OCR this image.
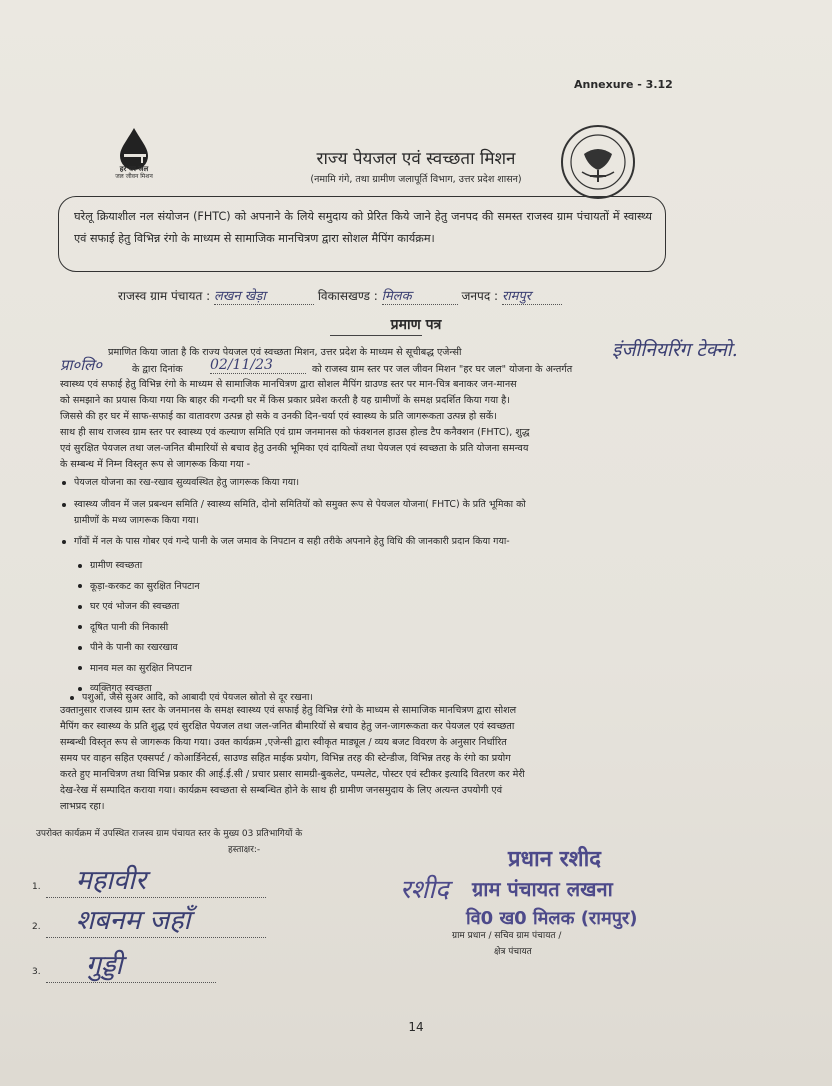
Annexure - 3.12
हर घर जल
जल जीवन मिशन
राज्य पेयजल एवं स्वच्छता मिशन
(नमामि गंगे, तथा ग्रामीण जलापूर्ति विभाग, उत्तर प्रदेश शासन)
घरेलू क्रियाशील नल संयोजन (FHTC) को अपनाने के लिये समुदाय को प्रेरित किये जाने हेतु जनपद की समस्त राजस्व ग्राम पंचायतों में स्वास्थ्य एवं सफाई हेतु विभिन्न रंगो के माध्यम से सामाजिक मानचित्रण द्वारा सोशल मैपिंग कार्यक्रम।
राजस्व ग्राम पंचायत : लखन खेड़ा	विकासखण्ड : मिलक	जनपद : रामपुर
प्रमाण पत्र
प्रमाणित किया जाता है कि राज्य पेयजल एवं स्वच्छता मिशन, उत्तर प्रदेश के माध्यम से सूचीबद्ध एजेन्सी	इंजीनियरिंग टेक्नो.
प्रा०लि०	के द्वारा दिनांक 02/11/23	को राजस्व ग्राम स्तर पर जल जीवन मिशन "हर घर जल" योजना के अन्तर्गत
स्वास्थ्य एवं सफाई हेतु विभिन्न रंगो के माध्यम से सामाजिक मानचित्रण द्वारा सोशल मैपिंग ग्राउण्ड स्तर पर मान-चित्र बनाकर जन-मानस
को समझाने का प्रयास किया गया कि बाहर की गन्दगी घर में किस प्रकार प्रवेश करती है यह ग्रामीणों के समक्ष प्रदर्शित किया गया है।
जिससे की हर घर में साफ-सफाई का वातावरण उत्पन्न हो सके व उनकी दिन-चर्या एवं स्वास्थ्य के प्रति जागरूकता उत्पन्न हो सकें।
साथ ही साथ राजस्व ग्राम स्तर पर स्वास्थ्य एवं कल्याण समिति एवं ग्राम जनमानस को फंक्शनल हाउस होल्ड टैप कनैक्शन (FHTC), शुद्ध
एवं सुरक्षित पेयजल तथा जल-जनित बीमारियों से बचाव हेतु उनकी भूमिका एवं दायित्वों तथा पेयजल एवं स्वच्छता के प्रति योजना समन्वय
के सम्बन्ध में निम्न विस्तृत रूप से जागरूक किया गया -
पेयजल योजना का रख-रखाव सुव्यवस्थित हेतु जागरूक किया गया।
स्वास्थ्य जीवन में जल प्रबन्धन समिति / स्वास्थ्य समिति, दोनो समितियों को समुक्त रूप से पेयजल योजना( FHTC) के प्रति भूमिका को
ग्रामीणों के मध्य जागरूक किया गया।
गाँवों में नल के पास गोबर एवं गन्दे पानी के जल जमाव के निपटान व सही तरीके अपनाने हेतु विधि की जानकारी प्रदान किया गया-
ग्रामीण स्वच्छता
कूड़ा-करकट का सुरक्षित निपटान
घर एवं भोजन की स्वच्छता
दूषित पानी की निकासी
पीने के पानी का रखरखाव
मानव मल का सुरक्षित निपटान
व्यक्तिगत स्वच्छता
पशुओं, जैसे सुअर आदि, को आबादी एवं पेयजल स्रोतो से दूर रखना।
उक्तानुसार राजस्व ग्राम स्तर के जनमानस के समक्ष स्वास्थ्य एवं सफाई हेतु विभिन्न रंगो के माध्यम से सामाजिक मानचित्रण द्वारा सोशल
मैपिंग कर स्वास्थ्य के प्रति शुद्ध एवं सुरक्षित पेयजल तथा जल-जनित बीमारियों से बचाव हेतु जन-जागरूकता कर पेयजल एवं स्वच्छता
सम्बन्धी विस्तृत रूप से जागरूक किया गया। उक्त कार्यक्रम ,एजेन्सी द्वारा स्वीकृत माड्यूल / व्यय बजट विवरण के अनुसार निर्धारित
समय पर वाहन सहित एक्सपर्ट / कोआर्डिनेटर्स, साउण्ड सहित माईक प्रयोग, विभिन्न तरह की स्टेन्डीज, विभिन्न तरह के रंगो का प्रयोग
करते हुए मानचित्रण तथा विभिन्न प्रकार की आई.ई.सी / प्रचार प्रसार सामग्री-बुकलेट, पम्पलेट, पोस्टर एवं स्टीकर इत्यादि वितरण कर मेरी
देख-रेख में सम्पादित कराया गया। कार्यक्रम स्वच्छता से सम्बन्धित होने के साथ ही ग्रामीण जनसमुदाय के लिए अत्यन्त उपयोगी एवं
लाभप्रद रहा।
उपरोक्त कार्यक्रम में उपस्थित राजस्व ग्राम पंचायत स्तर के मुख्य 03 प्रतिभागियों के
हस्ताक्षर:-
1. महावीर
2. शबनम जहाँ
3. गुड्डी
प्रधान रशीद
रशीद ग्राम पंचायत लखना
वि0 ख0 मिलक (रामपुर)
ग्राम प्रधान / सचिव ग्राम पंचायत /
क्षेत्र पंचायत
14
